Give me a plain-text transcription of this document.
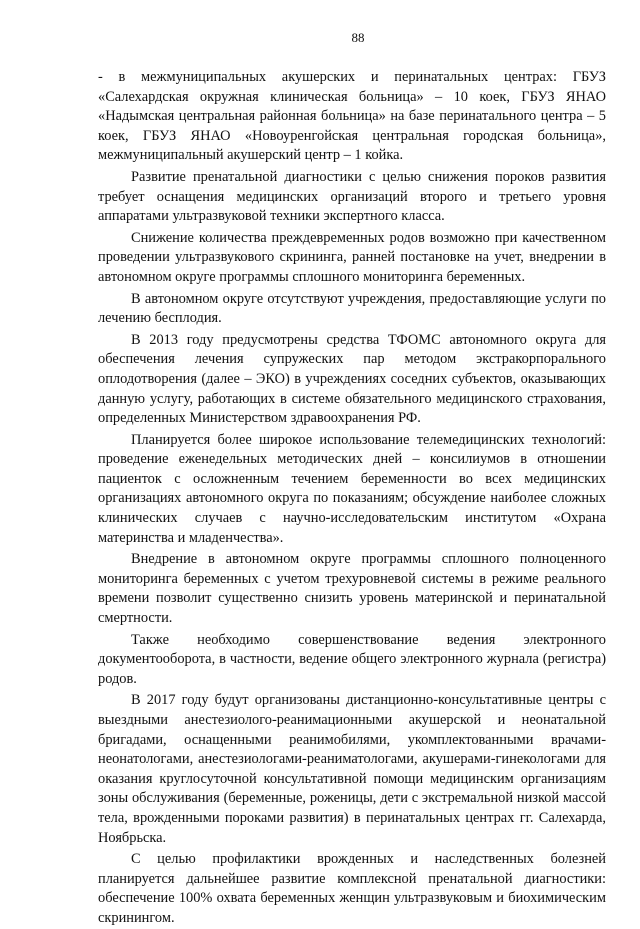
88

- в межмуниципальных акушерских и перинатальных центрах: ГБУЗ «Салехардская окружная клиническая больница» – 10 коек, ГБУЗ ЯНАО «Надымская центральная районная больница» на базе перинатального центра – 5 коек, ГБУЗ ЯНАО «Новоуренгойская центральная городская больница», межмуниципальный акушерский центр – 1 койка.

Развитие пренатальной диагностики с целью снижения пороков развития требует оснащения медицинских организаций второго и третьего уровня аппаратами ультразвуковой техники экспертного класса.

Снижение количества преждевременных родов возможно при качественном проведении ультразвукового скрининга, ранней постановке на учет, внедрении в автономном округе программы сплошного мониторинга беременных.

В автономном округе отсутствуют учреждения, предоставляющие услуги по лечению бесплодия.

В 2013 году предусмотрены средства ТФОМС автономного округа для обеспечения лечения супружеских пар методом экстракорпорального оплодотворения (далее – ЭКО) в учреждениях соседних субъектов, оказывающих данную услугу, работающих в системе обязательного медицинского страхования, определенных Министерством здравоохранения РФ.

Планируется более широкое использование телемедицинских технологий: проведение еженедельных методических дней – консилиумов в отношении пациенток с осложненным течением беременности во всех медицинских организациях автономного округа по показаниям; обсуждение наиболее сложных клинических случаев с научно-исследовательским институтом «Охрана материнства и младенчества».

Внедрение в автономном округе программы сплошного полноценного мониторинга беременных с учетом трехуровневой системы в режиме реального времени позволит существенно снизить уровень материнской и перинатальной смертности.

Также необходимо совершенствование ведения электронного документооборота, в частности, ведение общего электронного журнала (регистра) родов.

В 2017 году будут организованы дистанционно-консультативные центры с выездными анестезиолого-реанимационными акушерской и неонатальной бригадами, оснащенными реанимобилями, укомплектованными врачами-неонатологами, анестезиологами-реаниматологами, акушерами-гинекологами для оказания круглосуточной консультативной помощи медицинским организациям зоны обслуживания (беременные, роженицы, дети с экстремальной низкой массой тела, врожденными пороками развития) в перинатальных центрах гг. Салехарда, Ноябрьска.

С целью профилактики врожденных и наследственных болезней планируется дальнейшее развитие комплексной пренатальной диагностики: обеспечение 100% охвата беременных женщин ультразвуковым и биохимическим скринингом.
